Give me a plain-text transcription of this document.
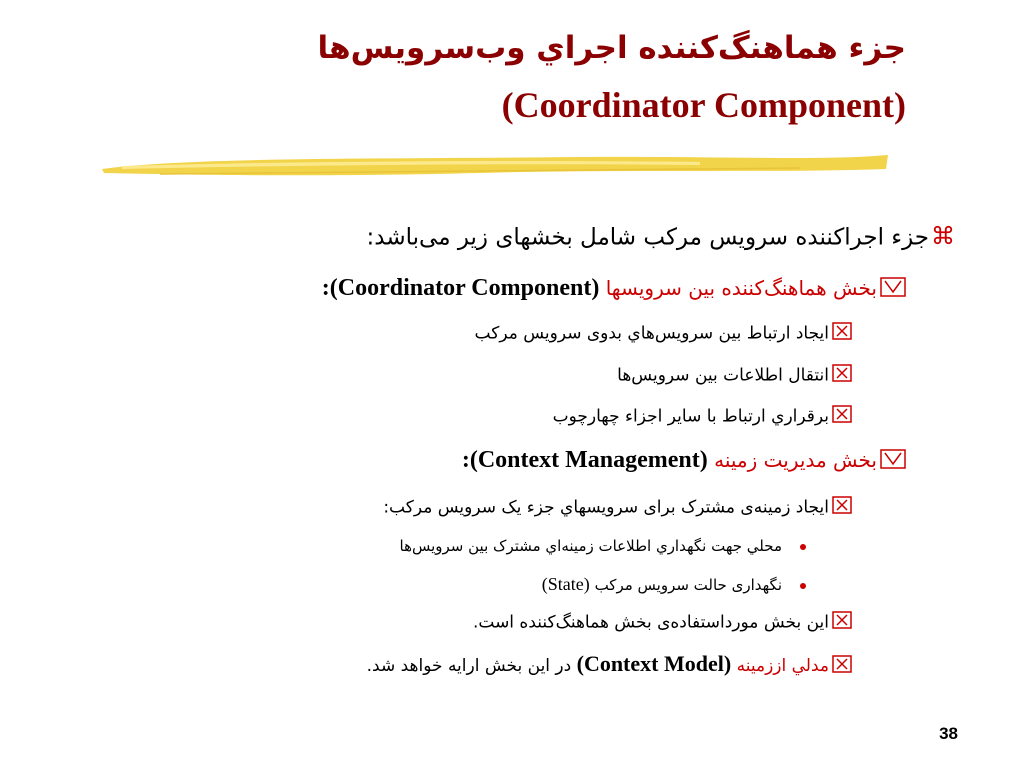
جزء هماهنگ‌كننده اجراي وب‌سرويس‌ها
(Coordinator Component)
جزء اجراکننده سرویس مرکب شامل بخشهای زیر می‌باشد:
بخش هماهنگ‌کننده بین سرویسها (Coordinator Component):
ايجاد ارتباط بين سرويس‌هاي بدوی سرويس مرکب
انتقال اطلاعات بين سرويس‌ها
برقراري ارتباط با ساير اجزاء چهارچوب
بخش مدیریت زمینه (Context Management):
ايجاد زمينه‌ی مشترک برای سرويسهاي جزء يک سرويس مرکب:
محلي جهت نگهداري اطلاعات زمينه‌اي مشترک بين سرويس‌ها
نگهداری حالت سرويس مرکب (State)
اين بخش مورداستفاده‌ی بخش هماهنگ‌کننده است.
مدلي اززمينه (Context Model) در اين بخش ارايه خواهد شد.
38
